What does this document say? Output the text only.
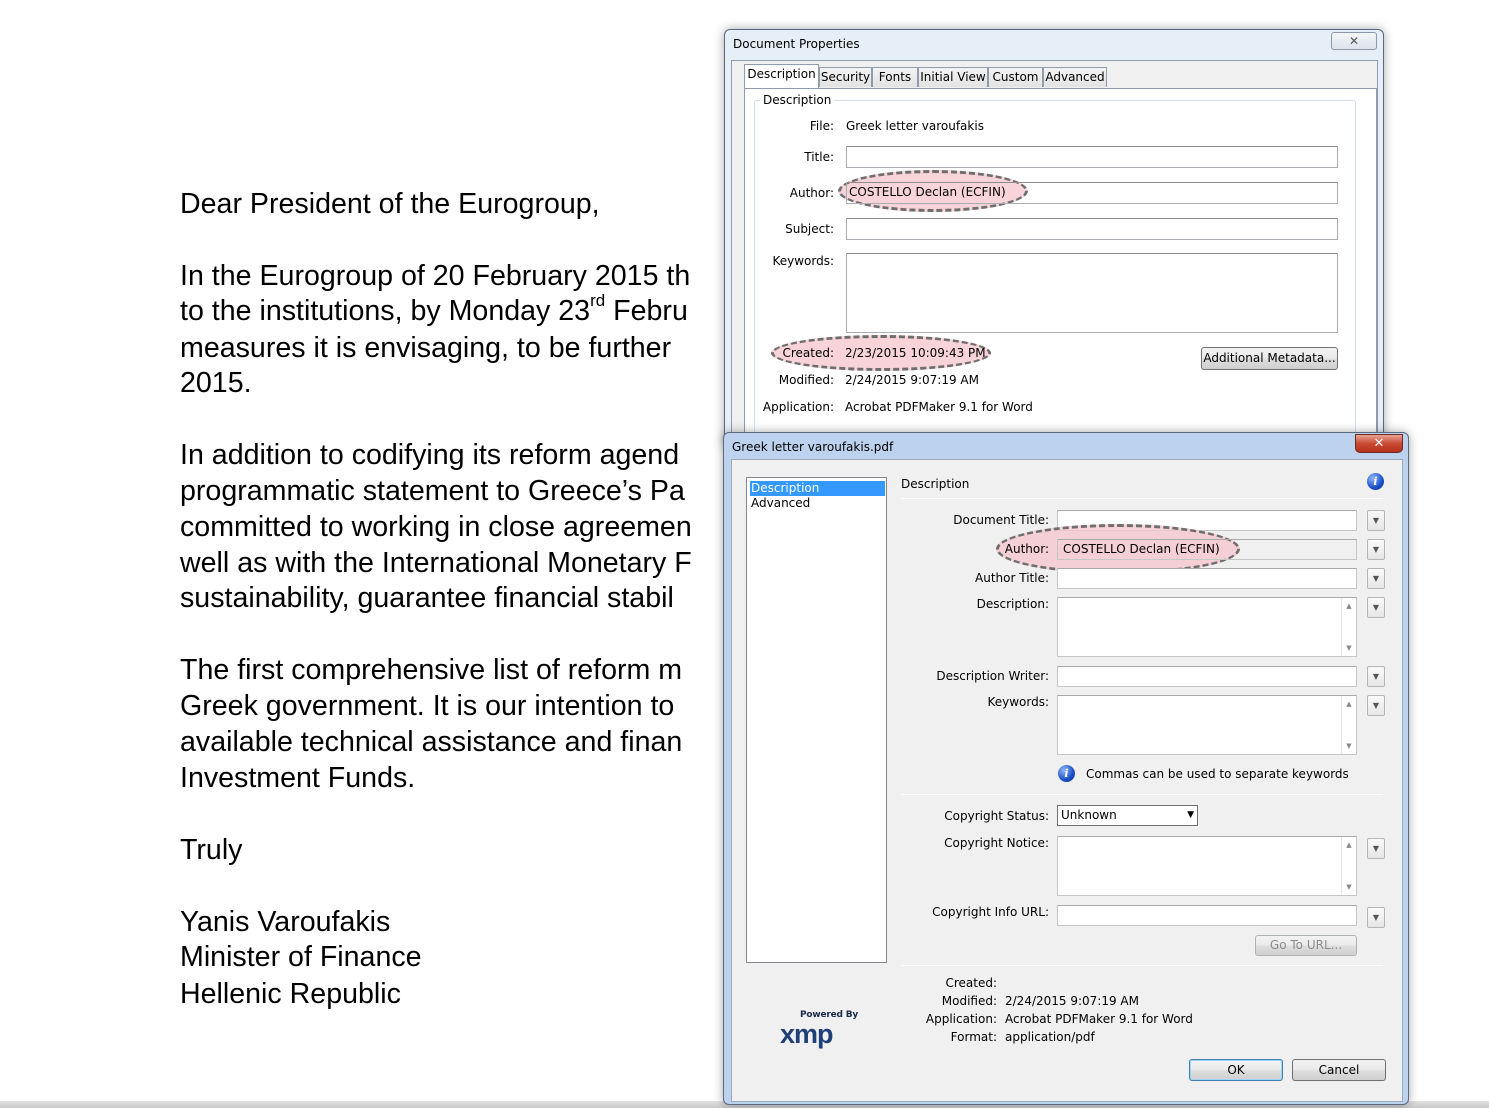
Dear President of the Eurogroup,
In the Eurogroup of 20 February 2015 th
to the institutions, by Monday 23rd Febru
measures it is envisaging, to be further
2015.
In addition to codifying its reform agend
programmatic statement to Greece’s Pa
committed to working in close agreemen
well as with the International Monetary F
sustainability, guarantee financial stabil
The first comprehensive list of reform m
Greek government. It is our intention to
available technical assistance and finan
Investment Funds.
Truly
Yanis Varoufakis
Minister of Finance
Hellenic Republic
Document Properties	✕
Description Security Fonts Initial View Custom Advanced
Description
File: Greek letter varoufakis
Title:
Author: COSTELLO Declan (ECFIN)
Subject:
Keywords:
Created: 2/23/2015 10:09:43 PM
Modified: 2/24/2015 9:07:19 AM
Application: Acrobat PDFMaker 9.1 for Word
Additional Metadata...
Greek letter varoufakis.pdf	✕
Description
Advanced
Description	i
Document Title:	▼
Author: COSTELLO Declan (ECFIN)	▼
Author Title:	▼
Description:	▲
▼
▼
Description Writer:	▼
Keywords:	▲
▼
▼
i	Commas can be used to separate keywords
Copyright Status:	Unknown	▼
Copyright Notice:	▲
▼
▼
Copyright Info URL:	▼
Go To URL...
Created:
Modified: 2/24/2015 9:07:19 AM
Application: Acrobat PDFMaker 9.1 for Word
Format: application/pdf
Powered By
xmp
OK	Cancel
